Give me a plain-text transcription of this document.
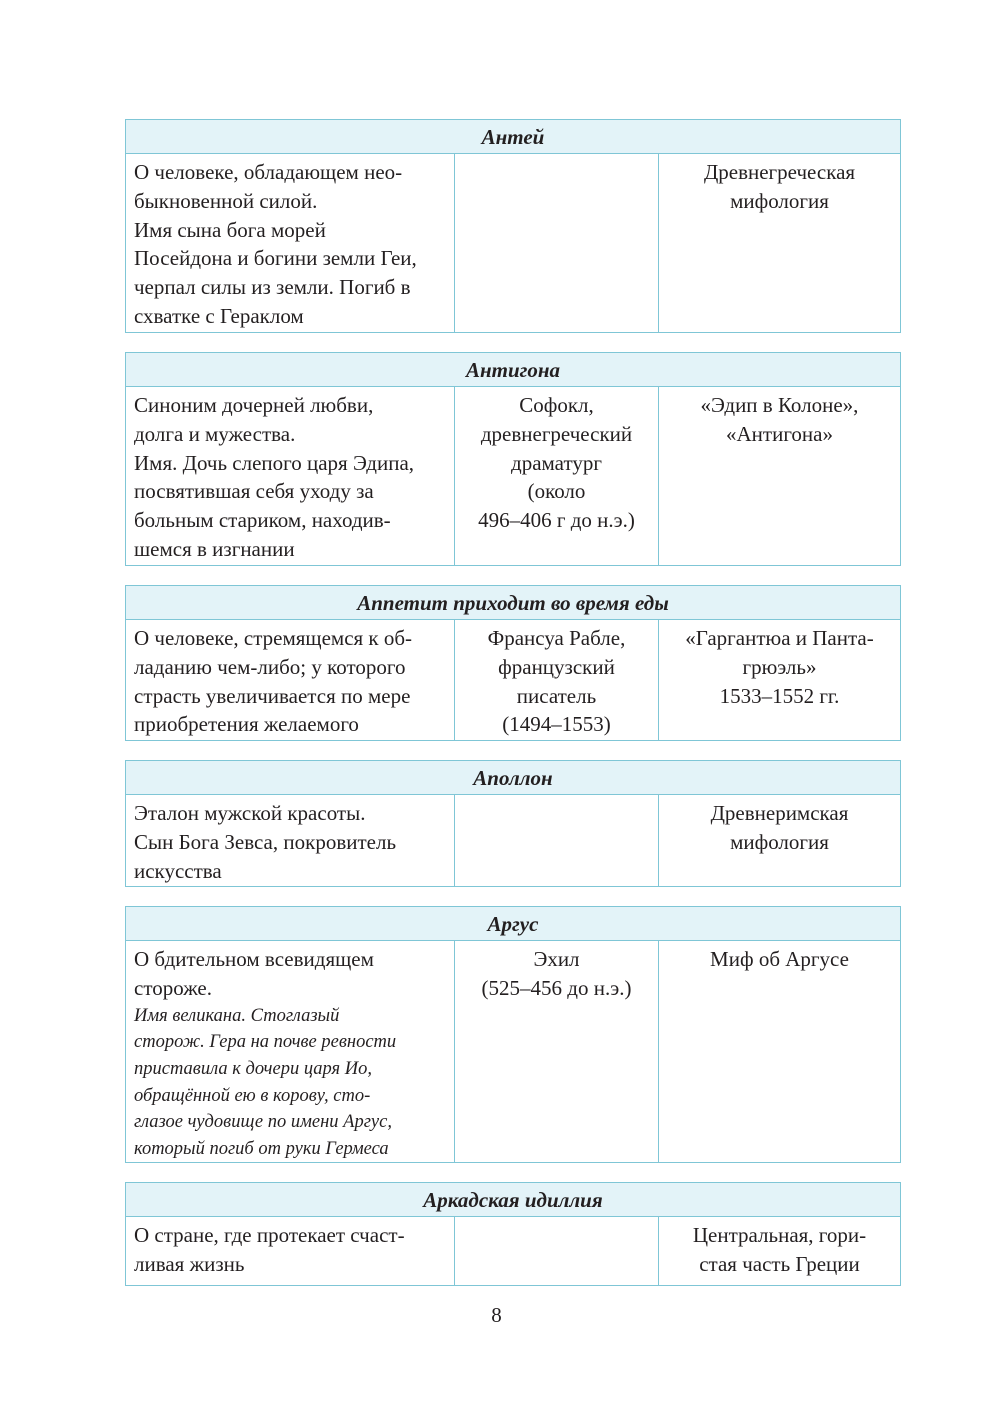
Антей
О человеке, обладающем нео-
быкновенной силой.
Имя сына бога морей
Посейдона и богини земли Геи,
черпал силы из земли. Погиб в
схватке с Гераклом
Древнегреческая
мифология
Антигона
Синоним дочерней любви,
долга и мужества.
Имя. Дочь слепого царя Эдипа,
посвятившая себя уходу за
больным стариком, находив-
шемся в изгнании
Софокл,
древнегреческий
драматург
(около
496–406 г до н.э.)
«Эдип в Колоне»,
«Антигона»
Аппетит приходит во время еды
О человеке, стремящемся к об-
ладанию чем-либо; у которого
страсть увеличивается по мере
приобретения желаемого
Франсуа Рабле,
французский
писатель
(1494–1553)
«Гаргантюа и Панта-
грюэль»
1533–1552 гг.
Аполлон
Эталон мужской красоты.
Сын Бога Зевса, покровитель
искусства
Древнеримская
мифология
Аргус
О бдительном всевидящем
стороже.
Имя великана. Стоглазый
сторож. Гера на почве ревности
приставила к дочери царя Ио,
обращённой ею в корову, сто-
глазое чудовище по имени Аргус,
который погиб от руки Гермеса
Эхил
(525–456 до н.э.)
Миф об Аргусе
Аркадская идиллия
О стране, где протекает счаст-
ливая жизнь
Центральная, гори-
стая часть Греции
8
